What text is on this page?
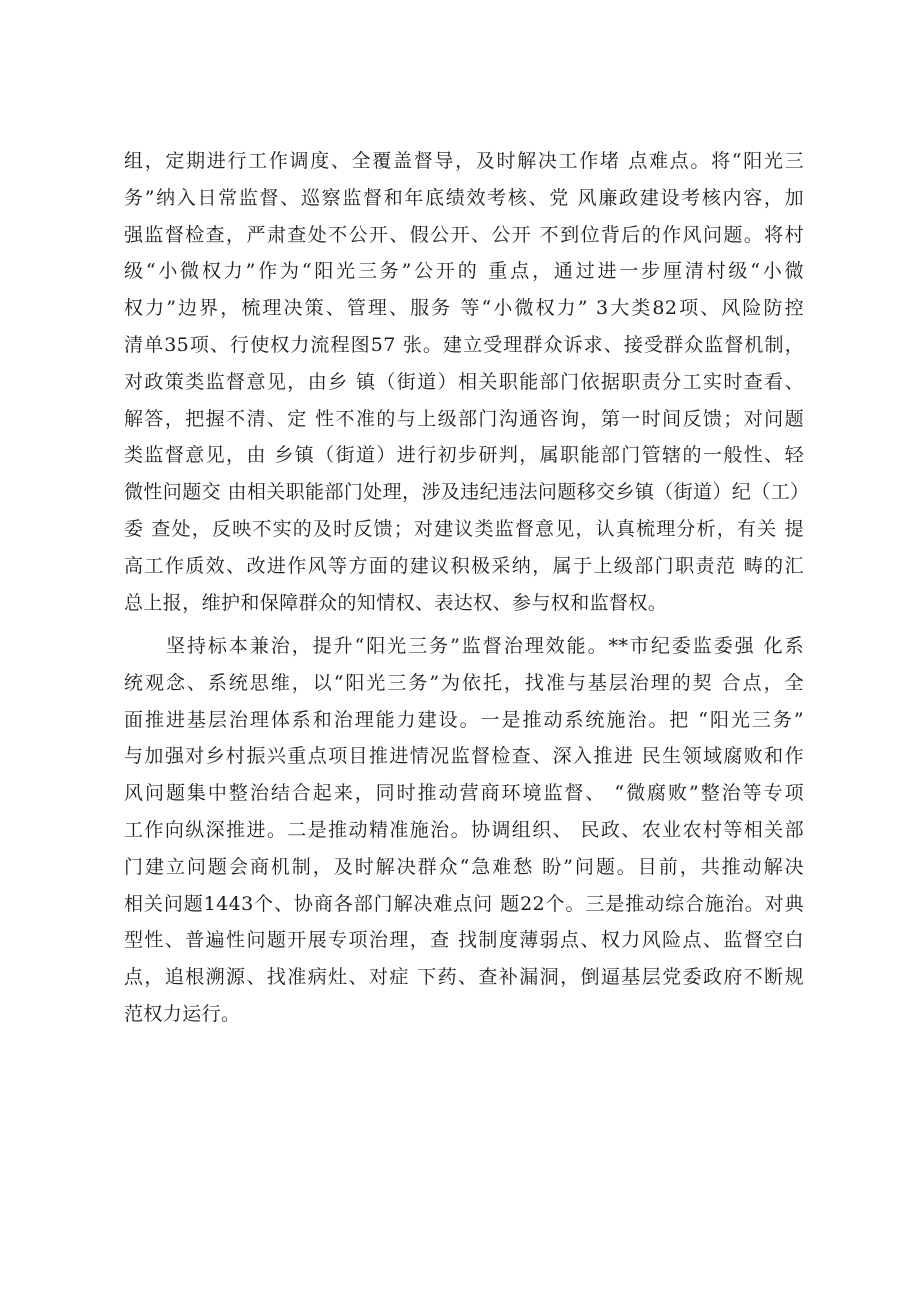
组，定期进行工作调度、全覆盖督导，及时解决工作堵 点难点。将“阳光三
务”纳入日常监督、巡察监督和年底绩效考核、党 风廉政建设考核内容，加
强监督检查，严肃查处不公开、假公开、公开 不到位背后的作风问题。将村
级“小微权力”作为“阳光三务”公开的 重点，通过进一步厘清村级“小微
权力”边界，梳理决策、管理、服务 等“小微权力” 3大类82项、风险防控
清单35项、行使权力流程图57 张。建立受理群众诉求、接受群众监督机制，
对政策类监督意见，由乡 镇（街道）相关职能部门依据职责分工实时查看、
解答，把握不清、定 性不准的与上级部门沟通咨询，第一时间反馈；对问题
类监督意见，由 乡镇（街道）进行初步研判，属职能部门管辖的一般性、轻
微性问题交 由相关职能部门处理，涉及违纪违法问题移交乡镇（街道）纪（工）
委 查处，反映不实的及时反馈；对建议类监督意见，认真梳理分析，有关 提
高工作质效、改进作风等方面的建议积极采纳，属于上级部门职责范 畴的汇
总上报，维护和保障群众的知情权、表达权、参与权和监督权。
坚持标本兼治，提升“阳光三务”监督治理效能。**市纪委监委强 化系
统观念、系统思维，以“阳光三务”为依托，找准与基层治理的契 合点，全
面推进基层治理体系和治理能力建设。一是推动系统施治。把 “阳光三务”
与加强对乡村振兴重点项目推进情况监督检查、深入推进 民生领域腐败和作
风问题集中整治结合起来，同时推动营商环境监督、 “微腐败”整治等专项
工作向纵深推进。二是推动精准施治。协调组织、 民政、农业农村等相关部
门建立问题会商机制，及时解决群众“急难愁 盼”问题。目前，共推动解决
相关问题1443个、协商各部门解决难点问 题22个。三是推动综合施治。对典
型性、普遍性问题开展专项治理，查 找制度薄弱点、权力风险点、监督空白
点，追根溯源、找准病灶、对症 下药、查补漏洞，倒逼基层党委政府不断规
范权力运行。
